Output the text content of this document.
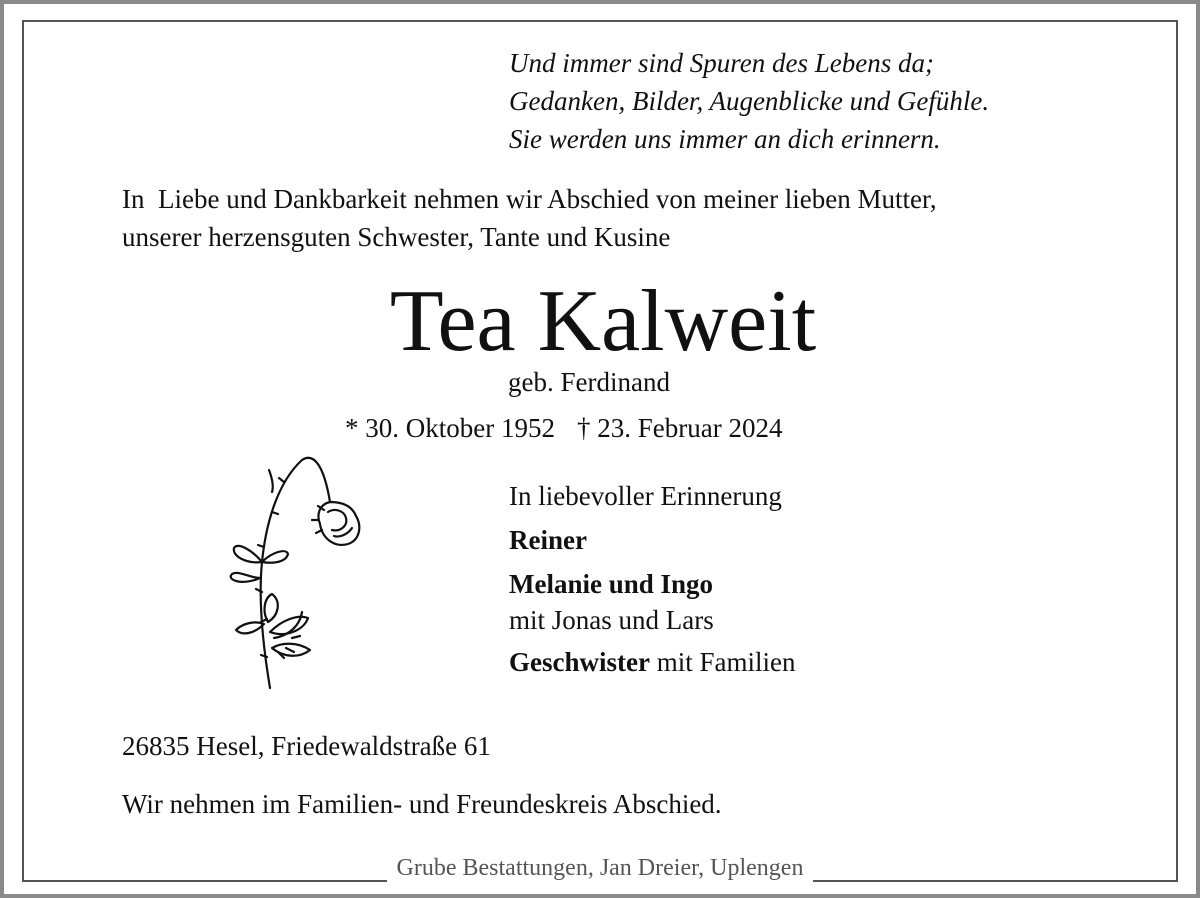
Und immer sind Spuren des Lebens da;
Gedanken, Bilder, Augenblicke und Gefühle.
Sie werden uns immer an dich erinnern.
In  Liebe und Dankbarkeit nehmen wir Abschied von meiner lieben Mutter,
unserer herzensguten Schwester, Tante und Kusine
Tea Kalweit
geb. Ferdinand
* 30. Oktober 1952 † 23. Februar 2024
In liebevoller Erinnerung
Reiner
Melanie und Ingo
mit Jonas und Lars
Geschwister mit Familien
26835 Hesel, Friedewaldstraße 61
Wir nehmen im Familien- und Freundeskreis Abschied.
Grube Bestattungen, Jan Dreier, Uplengen
